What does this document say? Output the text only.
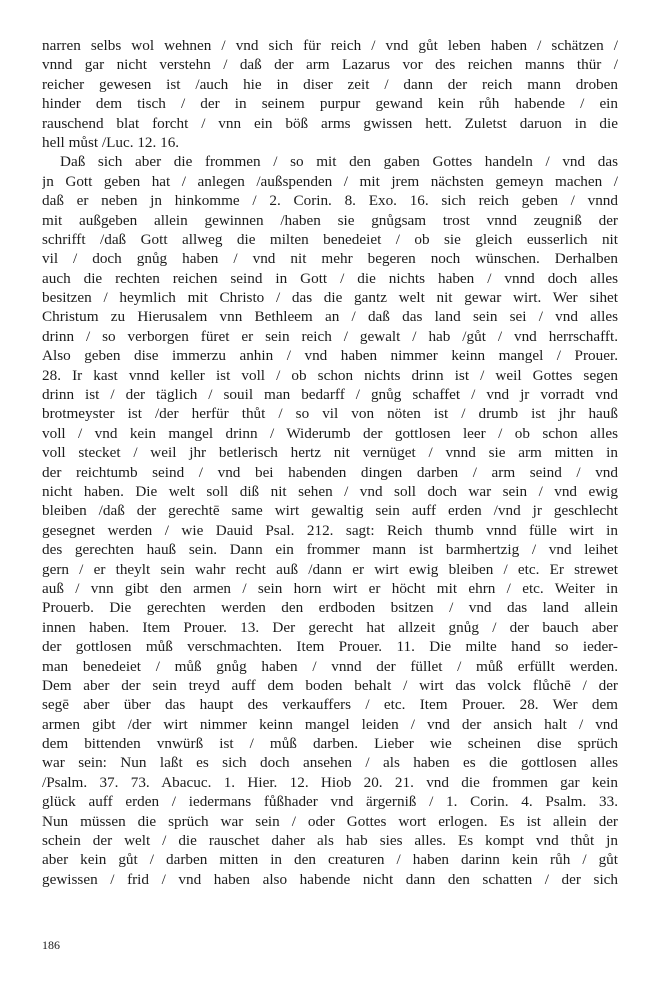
narren selbs wol wehnen / vnd sich für reich / vnd gůt leben haben / schätzen /
vnnd gar nicht verstehn / daß der arm Lazarus vor des reichen manns thür /
reicher gewesen ist /auch hie in diser zeit / dann der reich mann droben
hinder dem tisch / der in seinem purpur gewand kein růh habende / ein
rauschend blat forcht / vnn ein böß arms gwissen hett. Zuletst daruon in die
hell můst /Luc. 12. 16.
Daß sich aber die frommen / so mit den gaben Gottes handeln / vnd das
jn Gott geben hat / anlegen /außspenden / mit jrem nächsten gemeyn machen /
daß er neben jn hinkomme / 2. Corin. 8. Exo. 16. sich reich geben / vnnd
mit außgeben allein gewinnen /haben sie gnůgsam trost vnnd zeugniß der
schrifft /daß Gott allweg die milten benedeiet / ob sie gleich eusserlich nit
vil / doch gnůg haben / vnd nit mehr begeren noch wünschen. Derhalben
auch die rechten reichen seind in Gott / die nichts haben / vnnd doch alles
besitzen / heymlich mit Christo / das die gantz welt nit gewar wirt. Wer sihet
Christum zu Hierusalem vnn Bethleem an / daß das land sein sei / vnd alles
drinn / so verborgen füret er sein reich / gewalt / hab /gůt / vnd herrschafft.
Also geben dise immerzu anhin / vnd haben nimmer keinn mangel / Prouer.
28. Ir kast vnnd keller ist voll / ob schon nichts drinn ist / weil Gottes segen
drinn ist / der täglich / souil man bedarff / gnůg schaffet / vnd jr vorradt vnd
brotmeyster ist /der herfür thůt / so vil von nöten ist / drumb ist jhr hauß
voll / vnd kein mangel drinn / Widerumb der gottlosen leer / ob schon alles
voll stecket / weil jhr betlerisch hertz nit vernüget / vnnd sie arm mitten in
der reichtumb seind / vnd bei habenden dingen darben / arm seind / vnd
nicht haben. Die welt soll diß nit sehen / vnd soll doch war sein / vnd ewig
bleiben /daß der gerechtē same wirt gewaltig sein auff erden /vnd jr geschlecht
gesegnet werden / wie Dauid Psal. 212. sagt: Reich thumb vnnd fülle wirt in
des gerechten hauß sein. Dann ein frommer mann ist barmhertzig / vnd leihet
gern / er theylt sein wahr recht auß /dann er wirt ewig bleiben / etc. Er strewet
auß / vnn gibt den armen / sein horn wirt er höcht mit ehrn / etc. Weiter in
Prouerb. Die gerechten werden den erdboden bsitzen / vnd das land allein
innen haben. Item Prouer. 13. Der gerecht hat allzeit gnůg / der bauch aber
der gottlosen můß verschmachten. Item Prouer. 11. Die milte hand so ieder-
man benedeiet / můß gnůg haben / vnnd der füllet / můß erfüllt werden.
Dem aber der sein treyd auff dem boden behalt / wirt das volck flůchē / der
segē aber über das haupt des verkauffers / etc. Item Prouer. 28. Wer dem
armen gibt /der wirt nimmer keinn mangel leiden / vnd der ansich halt / vnd
dem bittenden vnwürß ist / můß darben. Lieber wie scheinen dise sprüch
war sein: Nun laßt es sich doch ansehen / als haben es die gottlosen alles
/Psalm. 37. 73. Abacuc. 1. Hier. 12. Hiob 20. 21. vnd die frommen gar kein
glück auff erden / iedermans fůßhader vnd ärgerniß / 1. Corin. 4. Psalm. 33.
Nun müssen die sprüch war sein / oder Gottes wort erlogen. Es ist allein der
schein der welt / die rauschet daher als hab sies alles. Es kompt vnd thůt jn
aber kein gůt / darben mitten in den creaturen / haben darinn kein růh / gůt
gewissen / frid / vnd haben also habende nicht dann den schatten / der sich
186
